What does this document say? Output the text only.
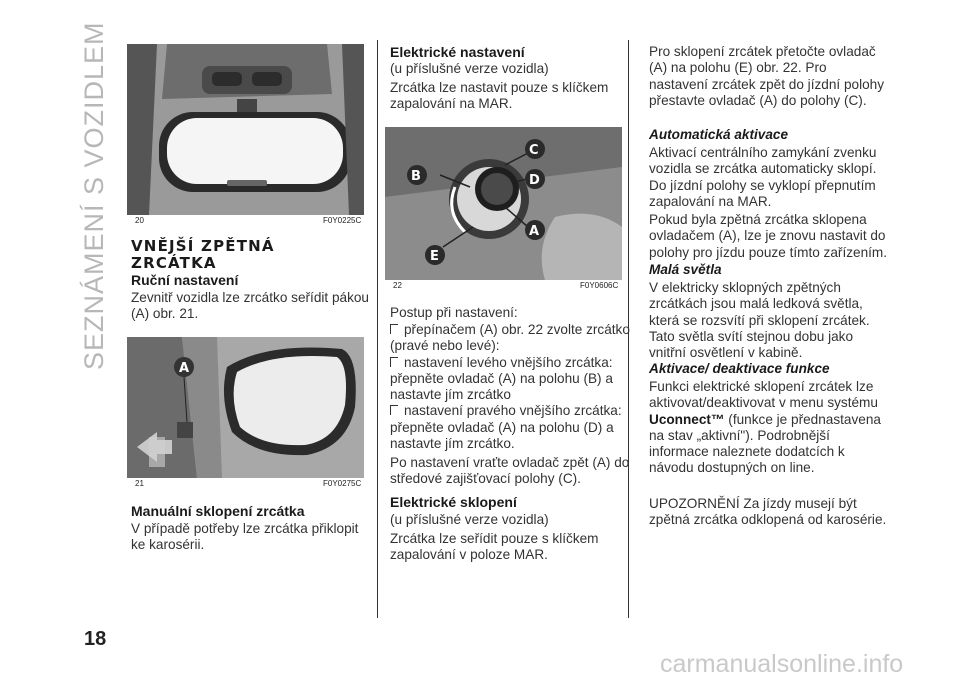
SEZNÁMENÍ S VOZIDLEM
18
20	F0Y0225C
VNĚJŠÍ ZPĚTNÁ ZRCÁTKA
Ruční nastavení
Zevnitř vozidla lze zrcátko seřídit pákou (A) obr. 21.
A
21	F0Y0275C
Manuální sklopení zrcátka
V případě potřeby lze zrcátka přiklopit ke karosérii.
Elektrické nastavení
(u příslušné verze vozidla)
Zrcátka lze nastavit pouze s klíčkem zapalování na MAR.
B
C
D
A
E
22	F0Y0606C
Postup při nastavení:
přepínačem (A) obr. 22 zvolte zrcátko (pravé nebo levé):
nastavení levého vnějšího zrcátka: přepněte ovladač (A) na polohu (B) a nastavte jím zrcátko
nastavení pravého vnějšího zrcátka: přepněte ovladač (A) na polohu (D) a nastavte jím zrcátko.
Po nastavení vraťte ovladač zpět (A) do středové zajišťovací polohy (C).
Elektrické sklopení
(u příslušné verze vozidla)
Zrcátka lze seřídit pouze s klíčkem zapalování v poloze MAR.
Pro sklopení zrcátek přetočte ovladač (A) na polohu (E) obr. 22. Pro nastavení zrcátek zpět do jízdní polohy přestavte ovladač (A) do polohy (C).
Automatická aktivace
Aktivací centrálního zamykání zvenku vozidla se zrcátka automaticky sklopí. Do jízdní polohy se vyklopí přepnutím zapalování na MAR.
Pokud byla zpětná zrcátka sklopena ovladačem (A), lze je znovu nastavit do polohy pro jízdu pouze tímto zařízením.
Malá světla
V elektricky sklopných zpětných zrcátkách jsou malá ledková světla, která se rozsvítí při sklopení zrcátek. Tato světla svítí stejnou dobu jako vnitřní osvětlení v kabině.
Aktivace/ deaktivace funkce
Funkci elektrické sklopení zrcátek lze aktivovat/deaktivovat v menu systému Uconnect™ (funkce je přednastavena na stav „aktivní"). Podrobnější informace naleznete dodatcích k návodu dostupných on line.
UPOZORNĚNÍ Za jízdy musejí být zpětná zrcátka odklopená od karosérie.
carmanualsonline.info
